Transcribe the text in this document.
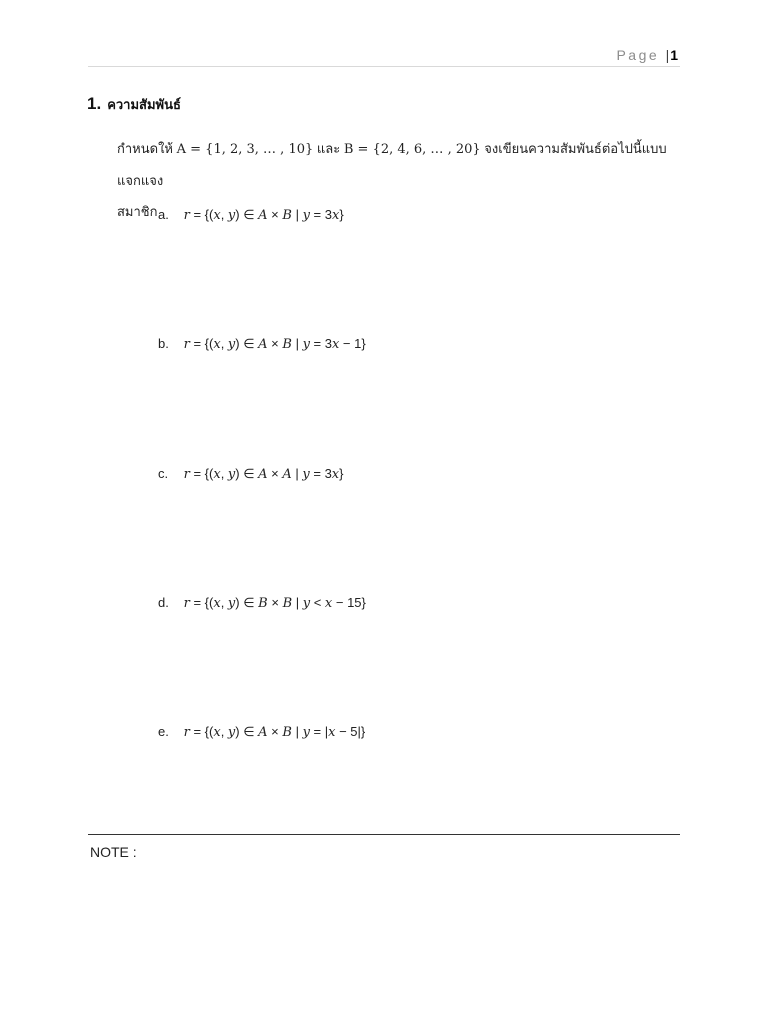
Page |1
1. ความสัมพันธ์
กำหนดให้ A = {1, 2, 3, … , 10} และ B = {2, 4, 6, … , 20} จงเขียนความสัมพันธ์ต่อไปนี้แบบแจกแจง
สมาชิก a. r = {(x, y) ∈ A × B | y = 3x}
b. r = {(x, y) ∈ A × B | y = 3x − 1}
c. r = {(x, y) ∈ A × A | y = 3x}
d. r = {(x, y) ∈ B × B | y < x − 15}
e. r = {(x, y) ∈ A × B | y = |x − 5|}
NOTE :
